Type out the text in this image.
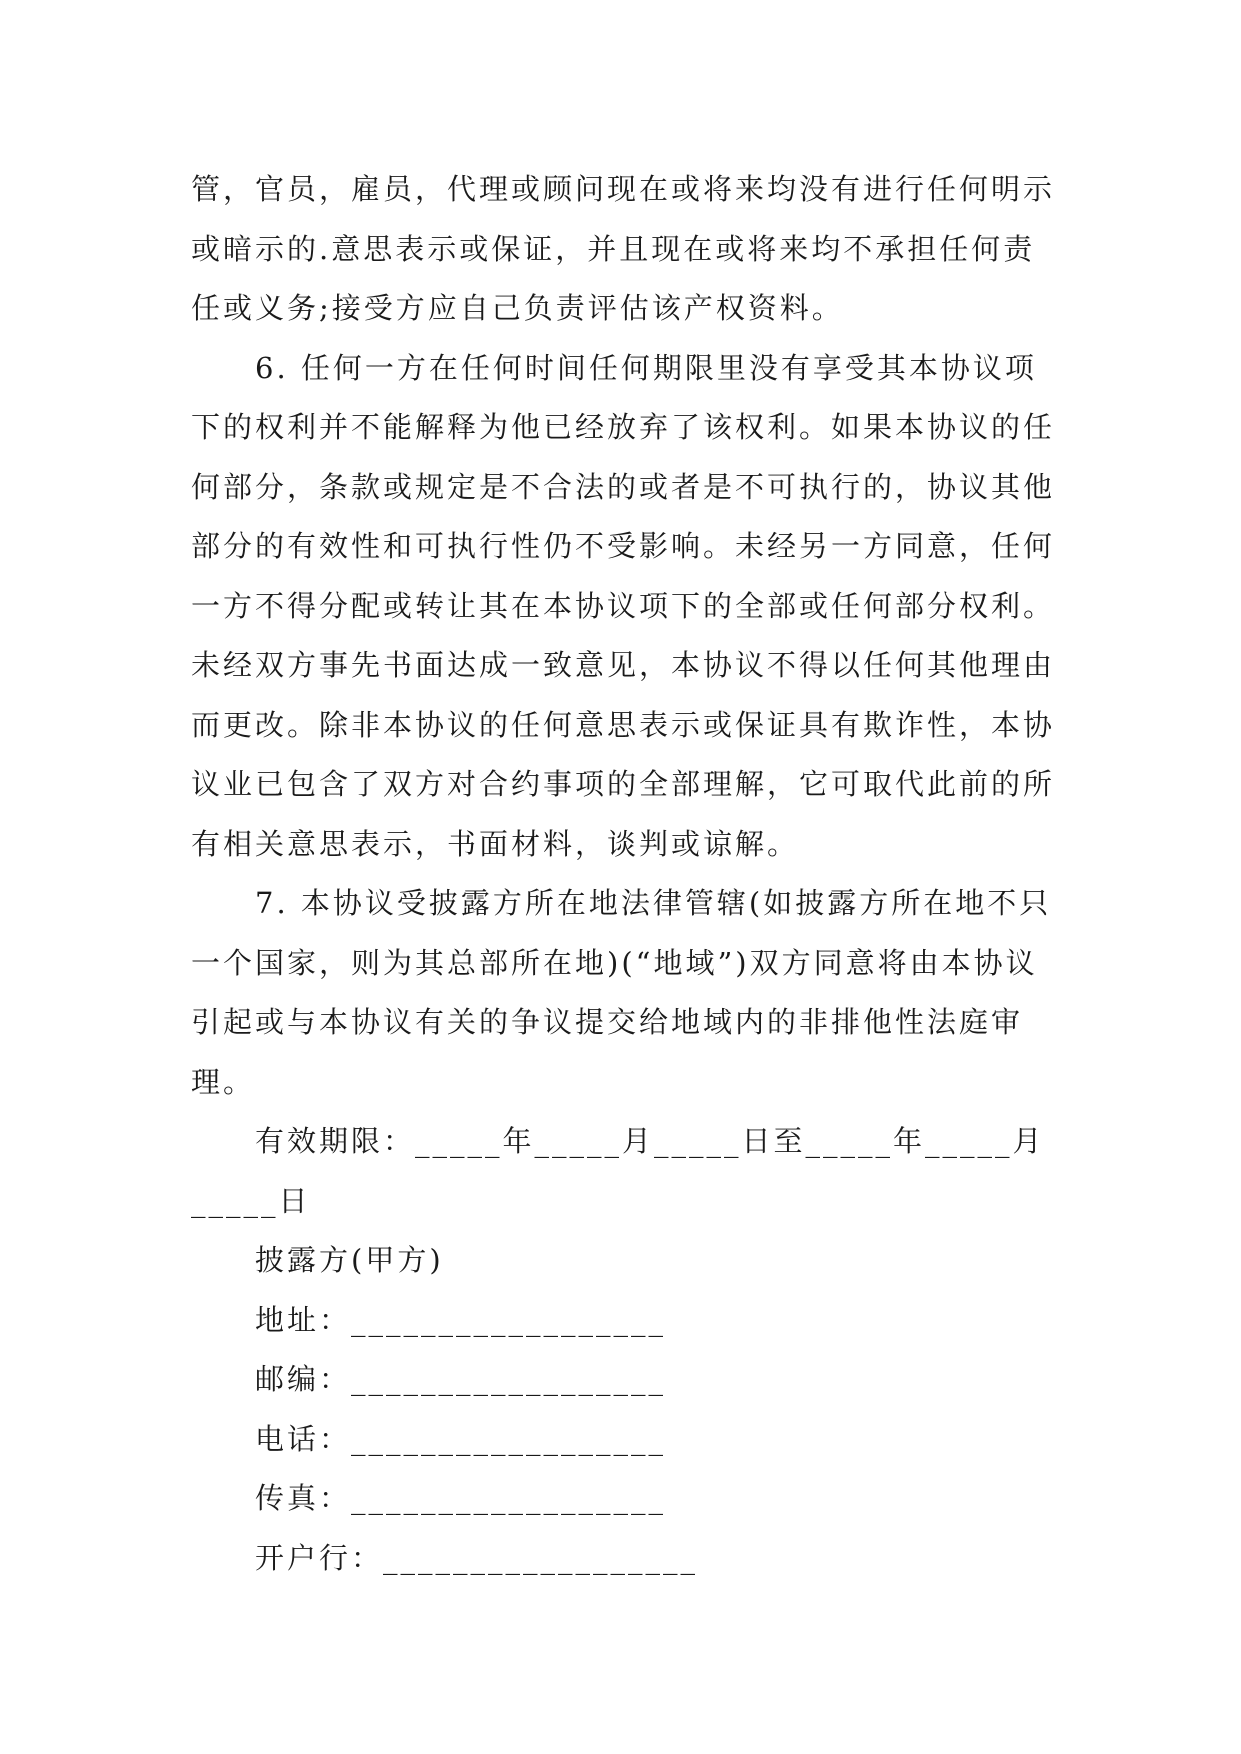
管，官员，雇员，代理或顾问现在或将来均没有进行任何明示或暗示的.意思表示或保证，并且现在或将来均不承担任何责任或义务;接受方应自己负责评估该产权资料。

6. 任何一方在任何时间任何期限里没有享受其本协议项下的权利并不能解释为他已经放弃了该权利。如果本协议的任何部分，条款或规定是不合法的或者是不可执行的，协议其他部分的有效性和可执行性仍不受影响。未经另一方同意，任何一方不得分配或转让其在本协议项下的全部或任何部分权利。未经双方事先书面达成一致意见，本协议不得以任何其他理由而更改。除非本协议的任何意思表示或保证具有欺诈性，本协议业已包含了双方对合约事项的全部理解，它可取代此前的所有相关意思表示，书面材料，谈判或谅解。

7. 本协议受披露方所在地法律管辖(如披露方所在地不只一个国家，则为其总部所在地)(“地域”)双方同意将由本协议引起或与本协议有关的争议提交给地域内的非排他性法庭审理。

有效期限：_____年_____月_____日至_____年_____月_____日

披露方(甲方)

地址：__________________

邮编：__________________

电话：__________________

传真：__________________

开户行：__________________
